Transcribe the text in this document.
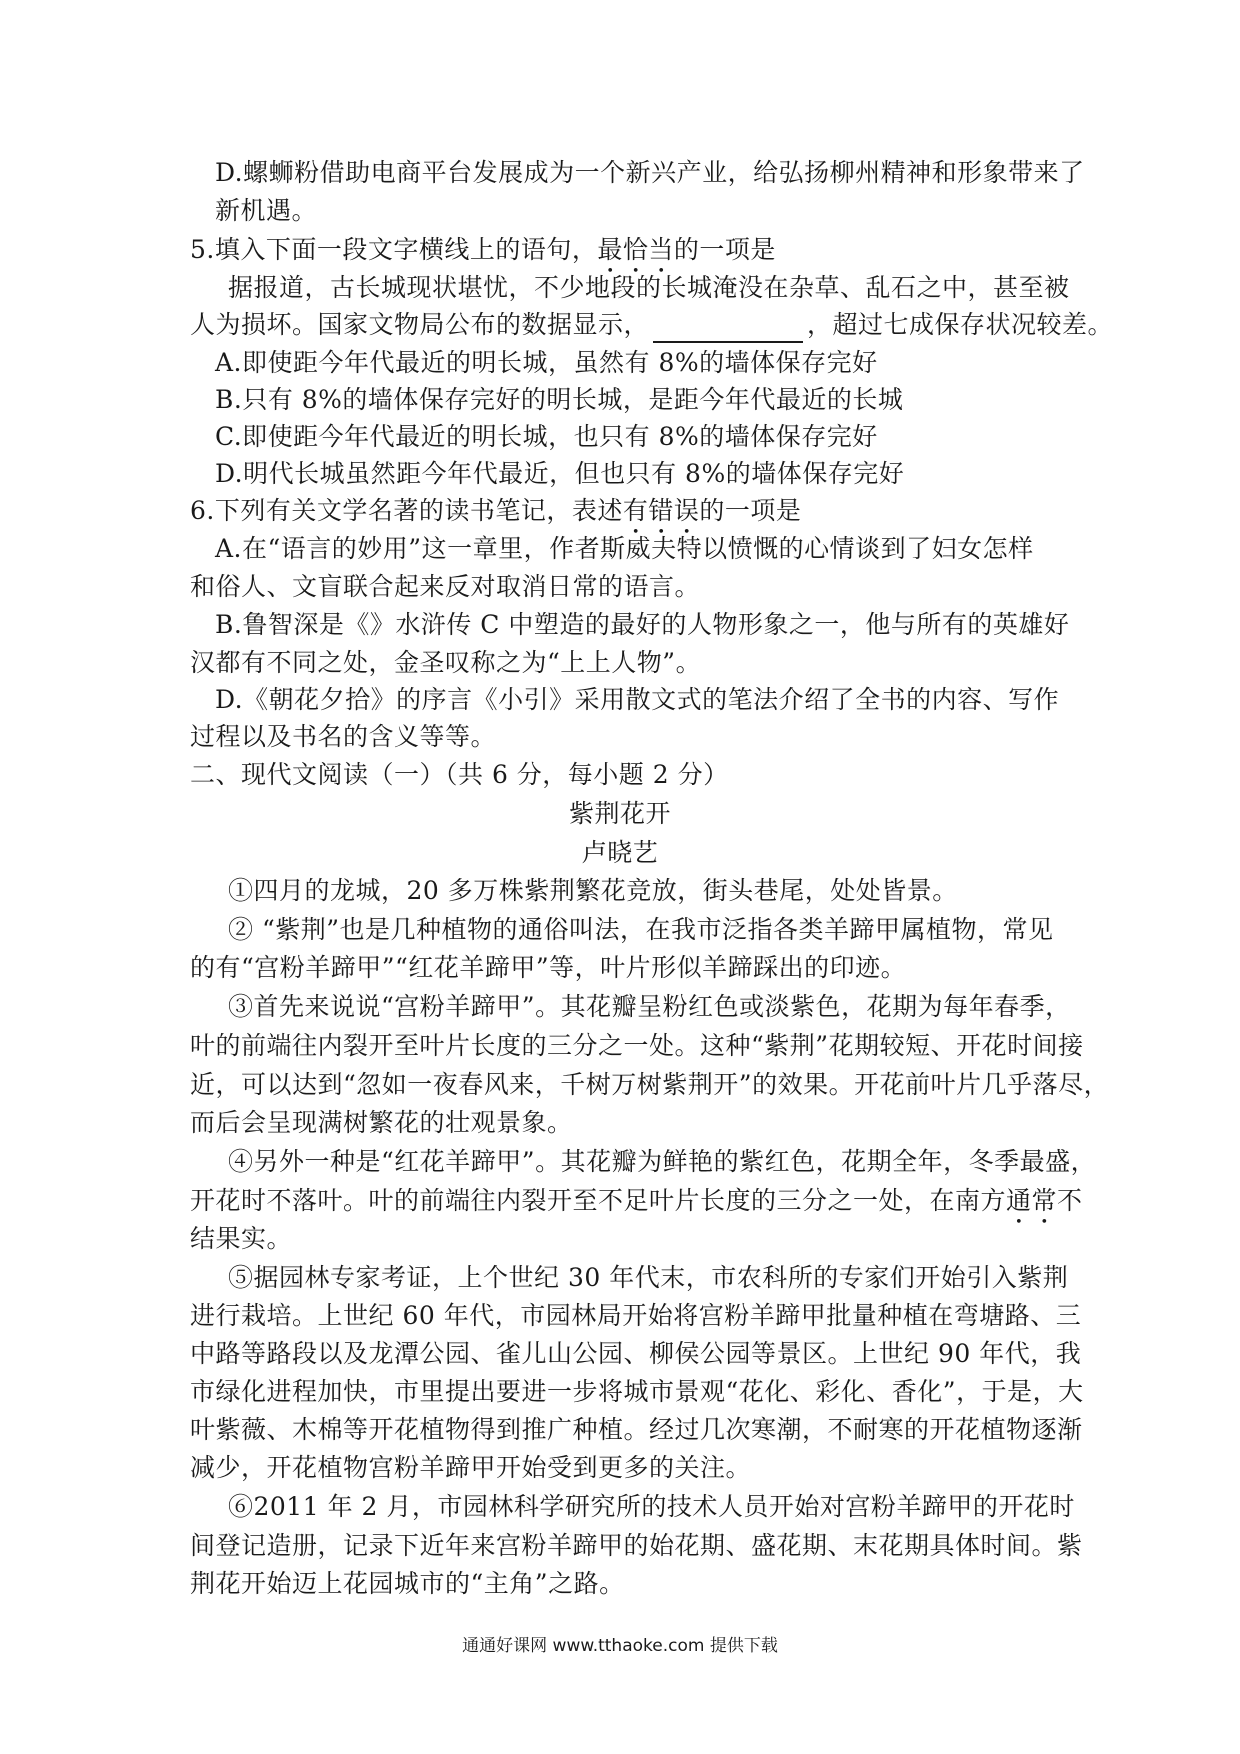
D.螺蛳粉借助电商平台发展成为一个新兴产业，给弘扬柳州精神和形象带来了
新机遇。
5.填入下面一段文字横线上的语句，最恰当的一项是
据报道，古长城现状堪忧，不少地段的长城淹没在杂草、乱石之中，甚至被
人为损坏。国家文物局公布的数据显示，	，超过七成保存状况较差。
A.即使距今年代最近的明长城，虽然有 8%的墙体保存完好
B.只有 8%的墙体保存完好的明长城，是距今年代最近的长城
C.即使距今年代最近的明长城，也只有 8%的墙体保存完好
D.明代长城虽然距今年代最近，但也只有 8%的墙体保存完好
6.下列有关文学名著的读书笔记，表述有错误的一项是
A.在“语言的妙用”这一章里，作者斯威夫特以愤慨的心情谈到了妇女怎样
和俗人、文盲联合起来反对取消日常的语言。
B.鲁智深是《》水浒传 C 中塑造的最好的人物形象之一，他与所有的英雄好
汉都有不同之处，金圣叹称之为“上上人物”。
D.《朝花夕拾》的序言《小引》采用散文式的笔法介绍了全书的内容、写作
过程以及书名的含义等等。
二、现代文阅读（一）（共 6 分，每小题 2 分）
紫荆花开
卢晓艺
①四月的龙城，20 多万株紫荆繁花竞放，街头巷尾，处处皆景。
② “紫荆”也是几种植物的通俗叫法，在我市泛指各类羊蹄甲属植物，常见
的有“宫粉羊蹄甲”“红花羊蹄甲”等，叶片形似羊蹄踩出的印迹。
③首先来说说“宫粉羊蹄甲”。其花瓣呈粉红色或淡紫色，花期为每年春季，
叶的前端往内裂开至叶片长度的三分之一处。这种“紫荆”花期较短、开花时间接
近，可以达到“忽如一夜春风来，千树万树紫荆开”的效果。开花前叶片几乎落尽，
而后会呈现满树繁花的壮观景象。
④另外一种是“红花羊蹄甲”。其花瓣为鲜艳的紫红色，花期全年，冬季最盛，
开花时不落叶。叶的前端往内裂开至不足叶片长度的三分之一处，在南方通常不
结果实。
⑤据园林专家考证，上个世纪 30 年代末，市农科所的专家们开始引入紫荆
进行栽培。上世纪 60 年代，市园林局开始将宫粉羊蹄甲批量种植在弯塘路、三
中路等路段以及龙潭公园、雀儿山公园、柳侯公园等景区。上世纪 90 年代，我
市绿化进程加快，市里提出要进一步将城市景观“花化、彩化、香化”，于是，大
叶紫薇、木棉等开花植物得到推广种植。经过几次寒潮，不耐寒的开花植物逐渐
减少，开花植物宫粉羊蹄甲开始受到更多的关注。
⑥2011 年 2 月，市园林科学研究所的技术人员开始对宫粉羊蹄甲的开花时
间登记造册，记录下近年来宫粉羊蹄甲的始花期、盛花期、末花期具体时间。紫
荆花开始迈上花园城市的“主角”之路。
通通好课网 www.tthaoke.com 提供下载
